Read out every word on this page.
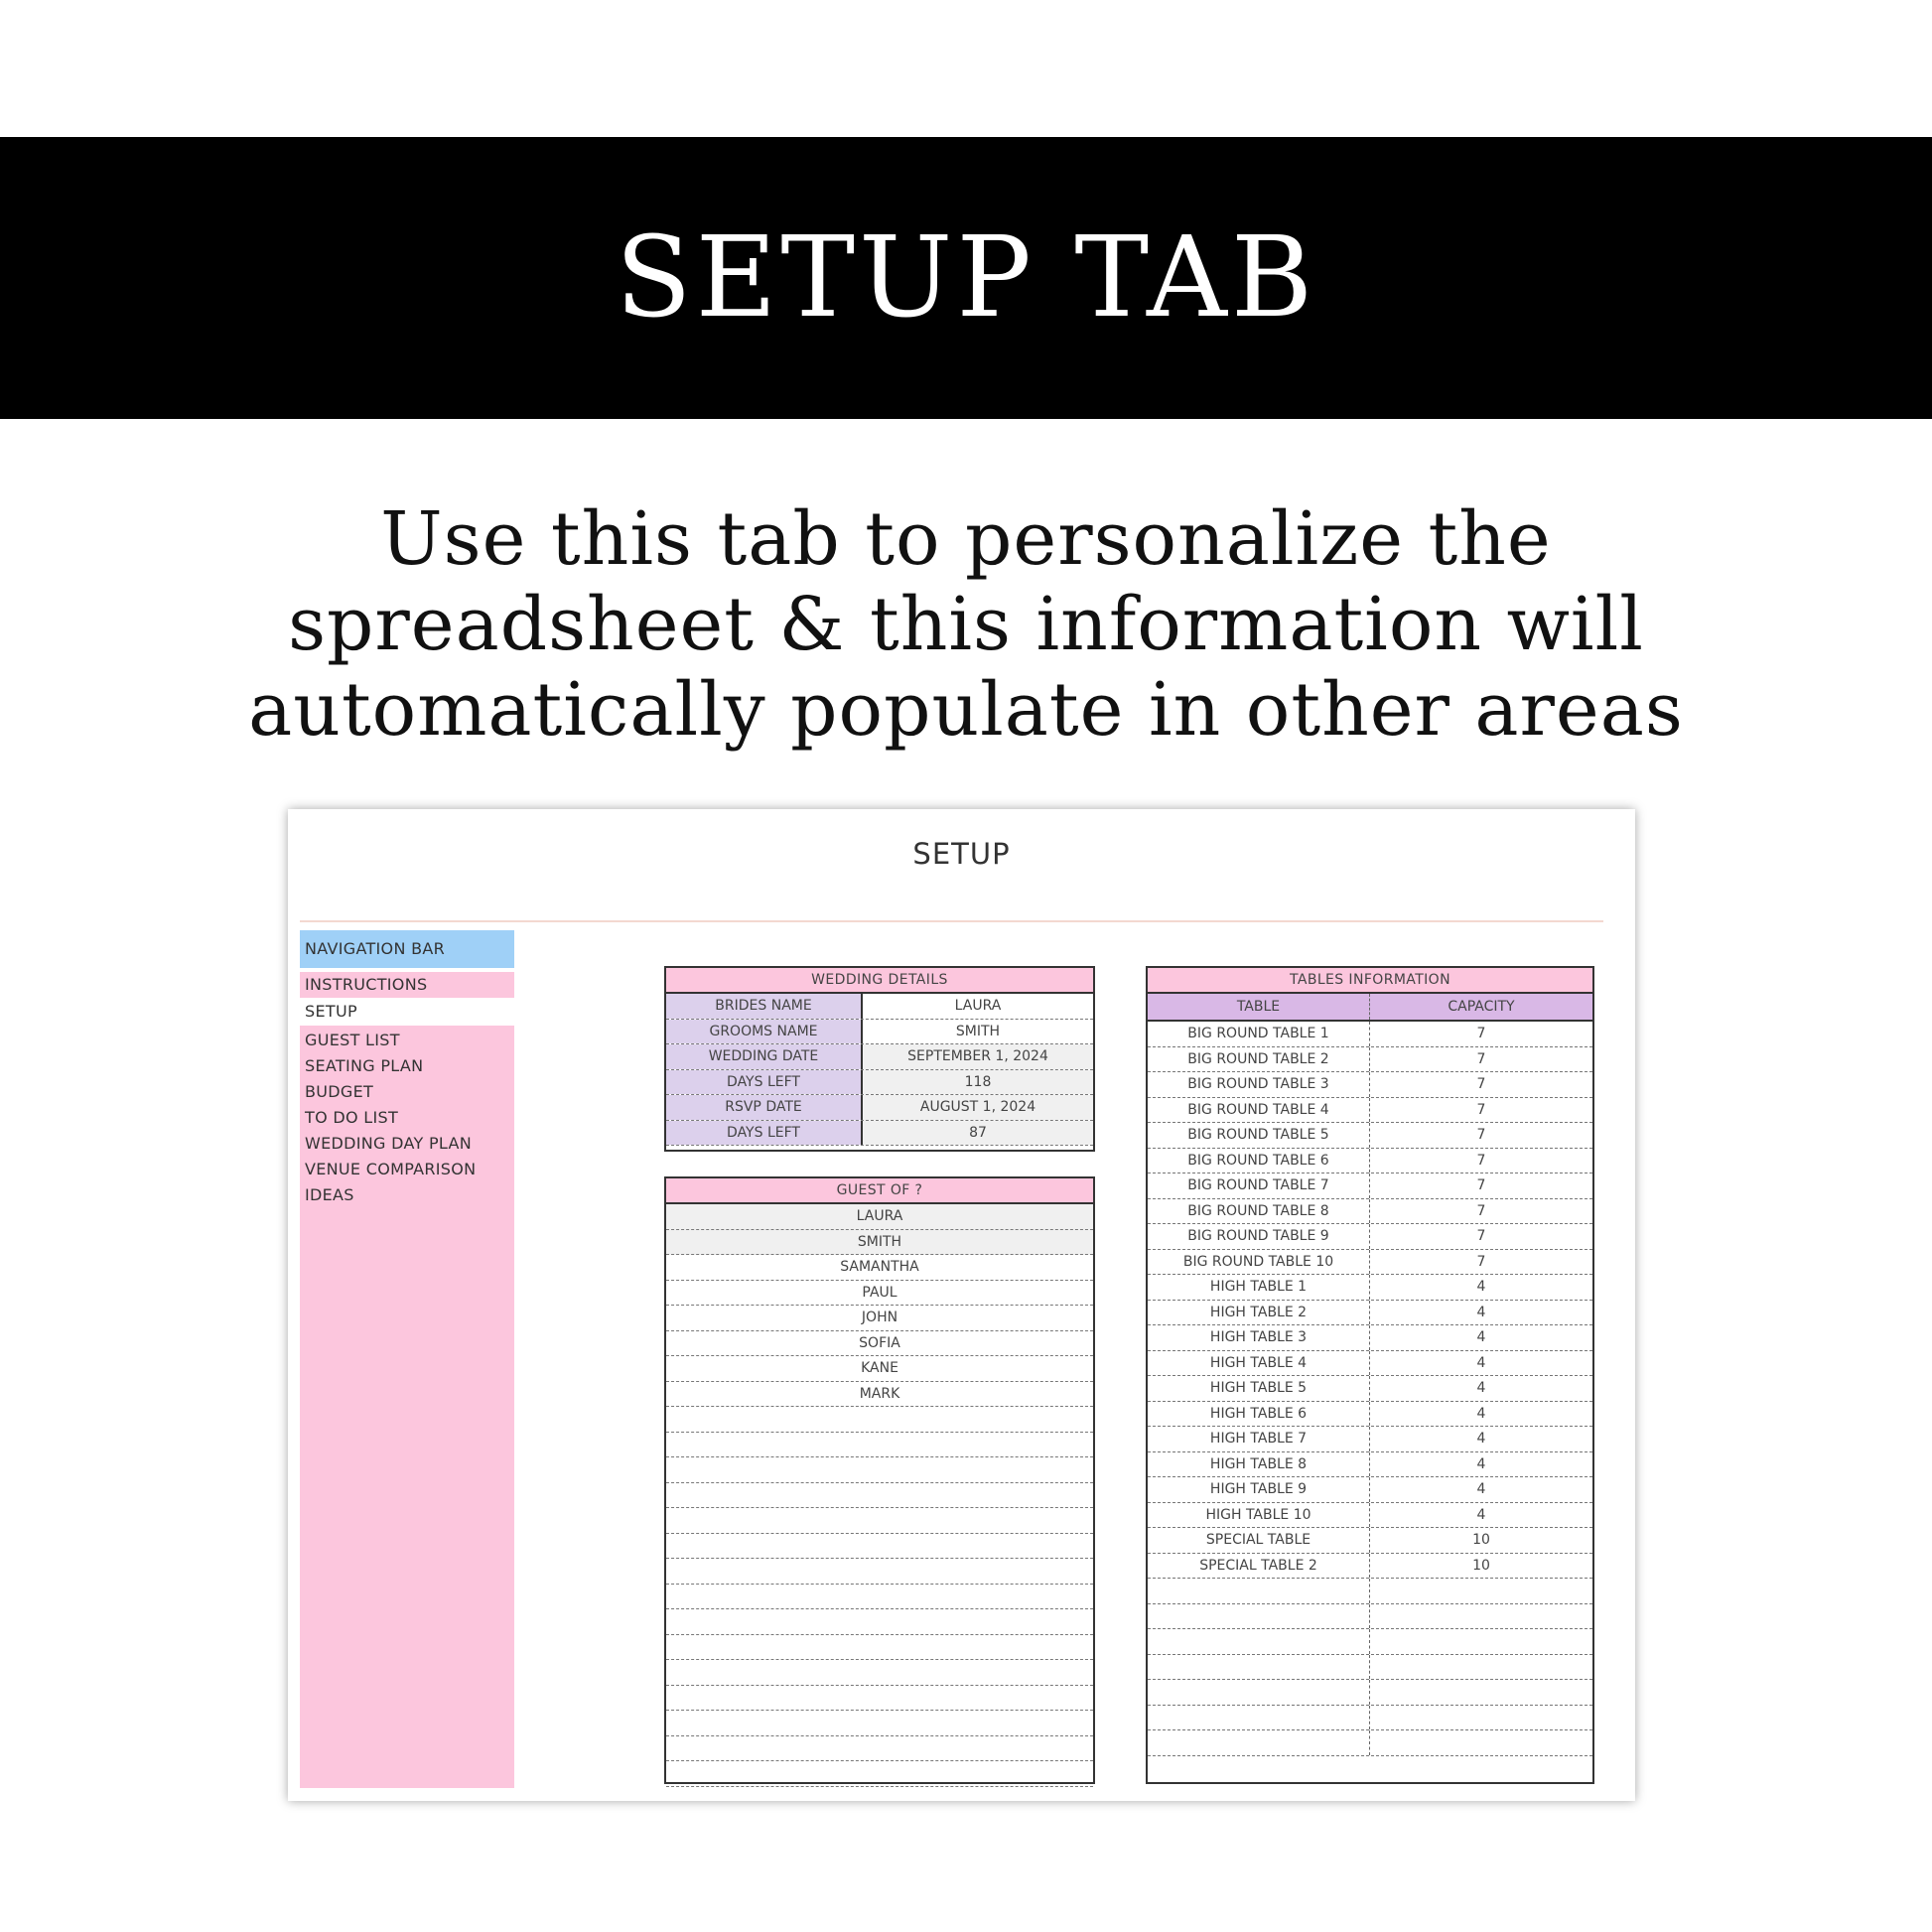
SETUP TAB
Use this tab to personalize the
spreadsheet & this information will
automatically populate in other areas
SETUP
NAVIGATION BAR
INSTRUCTIONS
SETUP
GUEST LIST
SEATING PLAN
BUDGET
TO DO LIST
WEDDING DAY PLAN
VENUE COMPARISON
IDEAS
WEDDING DETAILS
BRIDES NAME	LAURA
GROOMS NAME	SMITH
WEDDING DATE	SEPTEMBER 1, 2024
DAYS LEFT	118
RSVP DATE	AUGUST 1, 2024
DAYS LEFT	87
GUEST OF ?
LAURA
SMITH
SAMANTHA
PAUL
JOHN
SOFIA
KANE
MARK
TABLES INFORMATION
TABLE	CAPACITY
BIG ROUND TABLE 1	7
BIG ROUND TABLE 2	7
BIG ROUND TABLE 3	7
BIG ROUND TABLE 4	7
BIG ROUND TABLE 5	7
BIG ROUND TABLE 6	7
BIG ROUND TABLE 7	7
BIG ROUND TABLE 8	7
BIG ROUND TABLE 9	7
BIG ROUND TABLE 10	7
HIGH TABLE 1	4
HIGH TABLE 2	4
HIGH TABLE 3	4
HIGH TABLE 4	4
HIGH TABLE 5	4
HIGH TABLE 6	4
HIGH TABLE 7	4
HIGH TABLE 8	4
HIGH TABLE 9	4
HIGH TABLE 10	4
SPECIAL TABLE	10
SPECIAL TABLE 2	10
